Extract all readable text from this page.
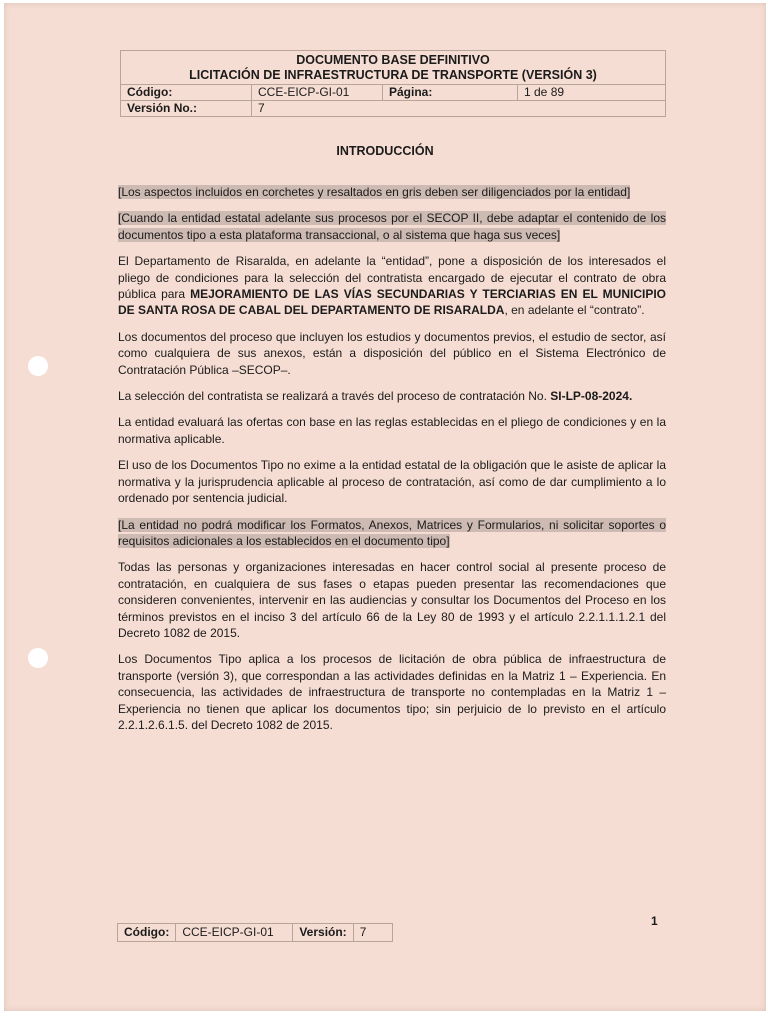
DOCUMENTO BASE DEFINITIVO
LICITACIÓN DE INFRAESTRUCTURA DE TRANSPORTE (VERSIÓN 3)			

Código:	CCE-EICP-GI-01	Página:	1 de 89
Versión No.:	7		
INTRODUCCIÓN

[Los aspectos incluidos en corchetes y resaltados en gris deben ser diligenciados por la entidad]

[Cuando la entidad estatal adelante sus procesos por el SECOP II, debe adaptar el contenido de los documentos tipo a esta plataforma transaccional, o al sistema que haga sus veces]

El Departamento de Risaralda, en adelante la “entidad”, pone a disposición de los interesados el pliego de condiciones para la selección del contratista encargado de ejecutar el contrato de obra pública para MEJORAMIENTO DE LAS VÍAS SECUNDARIAS Y TERCIARIAS EN EL MUNICIPIO DE SANTA ROSA DE CABAL DEL DEPARTAMENTO DE RISARALDA, en adelante el “contrato”.

Los documentos del proceso que incluyen los estudios y documentos previos, el estudio de sector, así como cualquiera de sus anexos, están a disposición del público en el Sistema Electrónico de Contratación Pública –SECOP–.

La selección del contratista se realizará a través del proceso de contratación No. SI-LP-08-2024.

La entidad evaluará las ofertas con base en las reglas establecidas en el pliego de condiciones y en la normativa aplicable.

El uso de los Documentos Tipo no exime a la entidad estatal de la obligación que le asiste de aplicar la normativa y la jurisprudencia aplicable al proceso de contratación, así como de dar cumplimiento a lo ordenado por sentencia judicial.

[La entidad no podrá modificar los Formatos, Anexos, Matrices y Formularios, ni solicitar soportes o requisitos adicionales a los establecidos en el documento tipo]

Todas las personas y organizaciones interesadas en hacer control social al presente proceso de contratación, en cualquiera de sus fases o etapas pueden presentar las recomendaciones que consideren convenientes, intervenir en las audiencias y consultar los Documentos del Proceso en los términos previstos en el inciso 3 del artículo 66 de la Ley 80 de 1993 y el artículo 2.2.1.1.1.2.1 del Decreto 1082 de 2015.

Los Documentos Tipo aplica a los procesos de licitación de obra pública de infraestructura de transporte (versión 3), que correspondan a las actividades definidas en la Matriz 1 – Experiencia. En consecuencia, las actividades de infraestructura de transporte no contempladas en la Matriz 1 – Experiencia no tienen que aplicar los documentos tipo; sin perjuicio de lo previsto en el artículo 2.2.1.2.6.1.5. del Decreto 1082 de 2015.

1
Código:	CCE-EICP-GI-01	Versión:	7
